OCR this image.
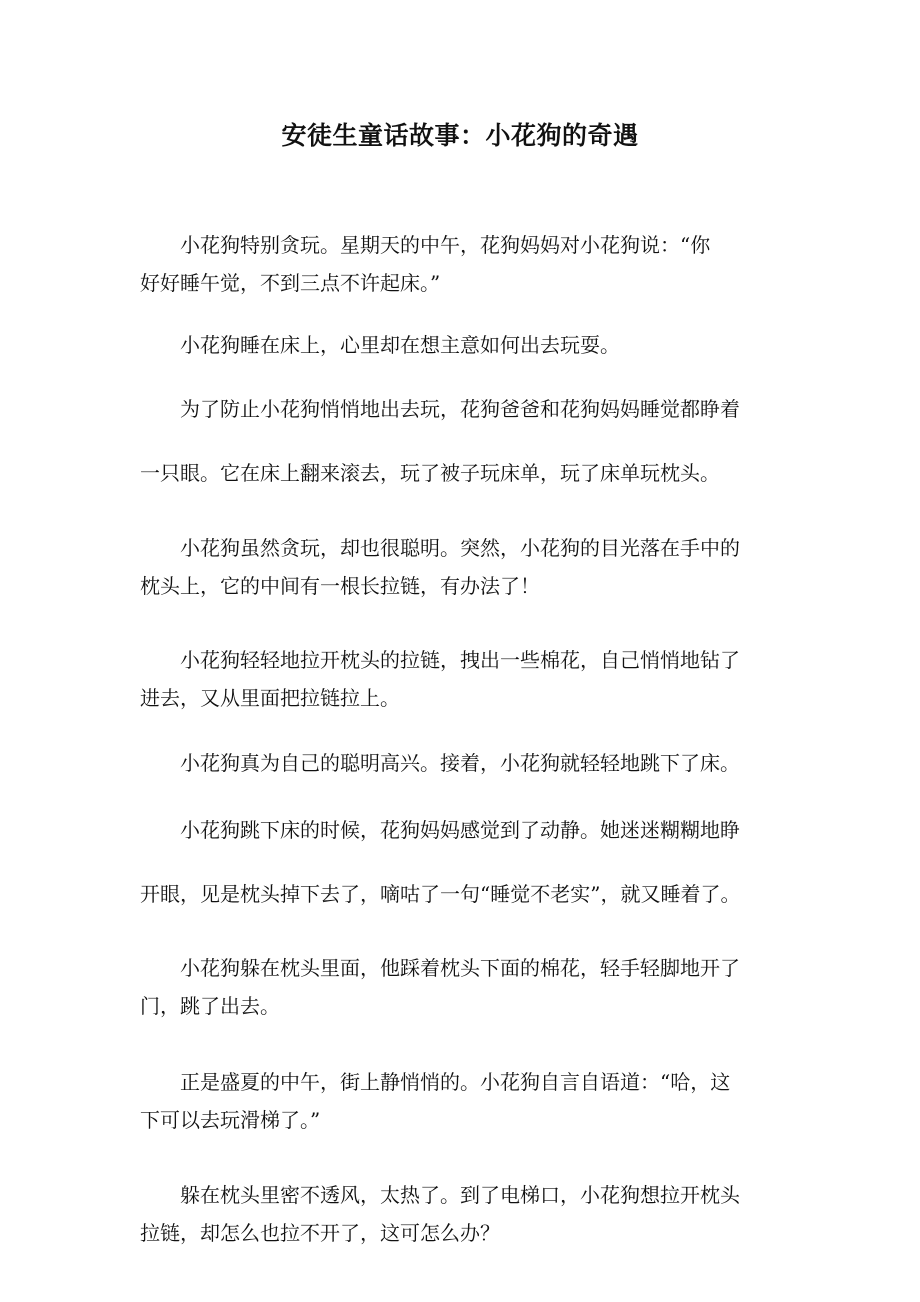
安徒生童话故事：小花狗的奇遇

　　小花狗特别贪玩。星期天的中午，花狗妈妈对小花狗说：“你
好好睡午觉，不到三点不许起床。”

　　小花狗睡在床上，心里却在想主意如何出去玩耍。

　　为了防止小花狗悄悄地出去玩，花狗爸爸和花狗妈妈睡觉都睁着

一只眼。它在床上翻来滚去，玩了被子玩床单，玩了床单玩枕头。

　　小花狗虽然贪玩，却也很聪明。突然，小花狗的目光落在手中的
枕头上，它的中间有一根长拉链，有办法了！

　　小花狗轻轻地拉开枕头的拉链，拽出一些棉花，自己悄悄地钻了
进去，又从里面把拉链拉上。

　　小花狗真为自己的聪明高兴。接着，小花狗就轻轻地跳下了床。

　　小花狗跳下床的时候，花狗妈妈感觉到了动静。她迷迷糊糊地睁

开眼，见是枕头掉下去了，嘀咕了一句“睡觉不老实”，就又睡着了。

　　小花狗躲在枕头里面，他踩着枕头下面的棉花，轻手轻脚地开了
门，跳了出去。

　　正是盛夏的中午，街上静悄悄的。小花狗自言自语道：“哈，这
下可以去玩滑梯了。”

　　躲在枕头里密不透风，太热了。到了电梯口，小花狗想拉开枕头
拉链，却怎么也拉不开了，这可怎么办？
